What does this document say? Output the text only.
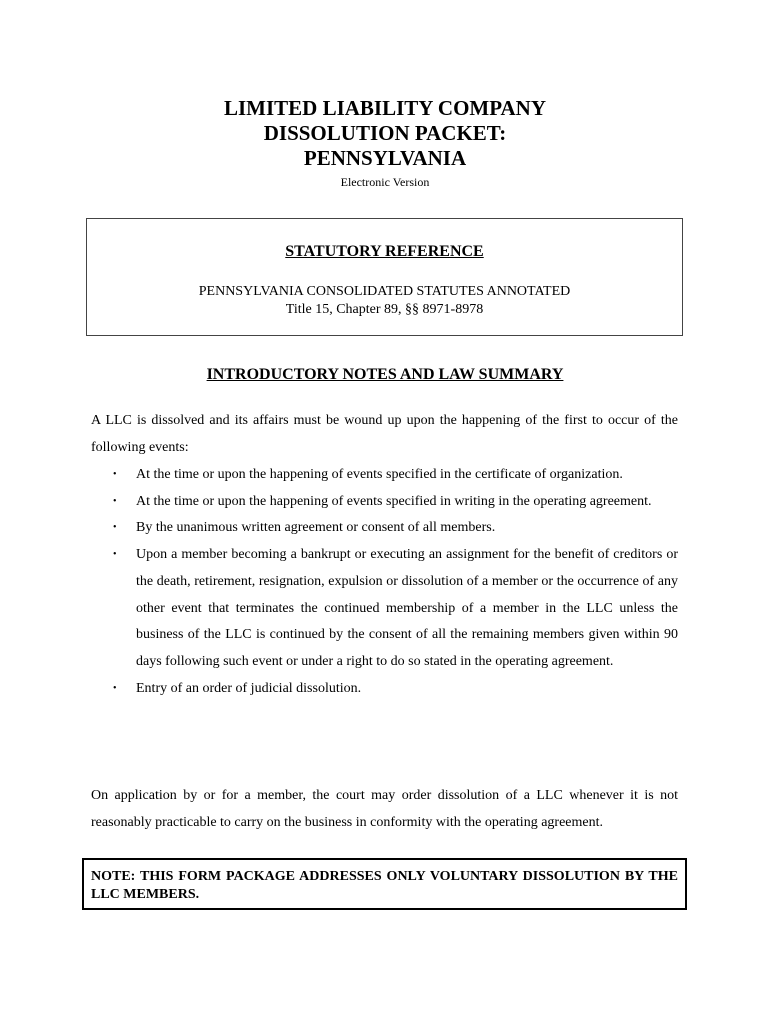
LIMITED LIABILITY COMPANY
DISSOLUTION PACKET:
PENNSYLVANIA
Electronic Version
STATUTORY REFERENCE
PENNSYLVANIA CONSOLIDATED STATUTES ANNOTATED
Title 15, Chapter 89, §§ 8971-8978
INTRODUCTORY NOTES AND LAW SUMMARY
A LLC is dissolved and its affairs must be wound up upon the happening of the first to occur of the following events:
• At the time or upon the happening of events specified in the certificate of organization.
• At the time or upon the happening of events specified in writing in the operating agreement.
• By the unanimous written agreement or consent of all members.
• Upon a member becoming a bankrupt or executing an assignment for the benefit of creditors or the death, retirement, resignation, expulsion or dissolution of a member or the occurrence of any other event that terminates the continued membership of a member in the LLC unless the business of the LLC is continued by the consent of all the remaining members given within 90 days following such event or under a right to do so stated in the operating agreement.
• Entry of an order of judicial dissolution.
On application by or for a member, the court may order dissolution of a LLC whenever it is not reasonably practicable to carry on the business in conformity with the operating agreement.
NOTE: THIS FORM PACKAGE ADDRESSES ONLY VOLUNTARY DISSOLUTION BY THE LLC MEMBERS.
